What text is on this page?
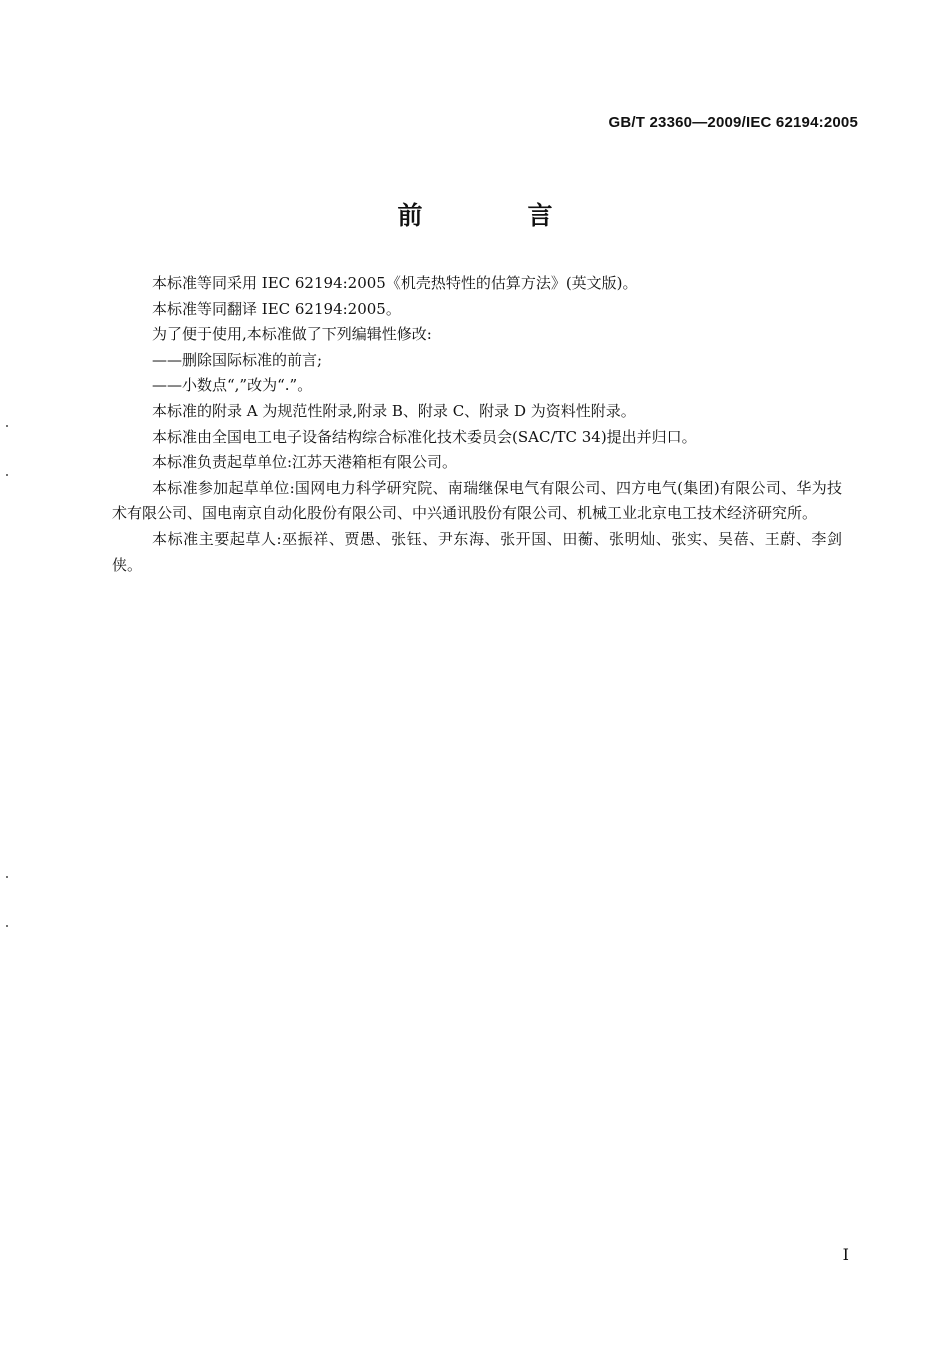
GB/T 23360—2009/IEC 62194:2005
前　言

本标准等同采用 IEC 62194:2005《机壳热特性的估算方法》(英文版)。

本标准等同翻译 IEC 62194:2005。

为了便于使用,本标准做了下列编辑性修改:

——删除国际标准的前言;

——小数点“,”改为“.”。

本标准的附录 A 为规范性附录,附录 B、附录 C、附录 D 为资料性附录。

本标准由全国电工电子设备结构综合标准化技术委员会(SAC/TC 34)提出并归口。

本标准负责起草单位:江苏天港箱柜有限公司。

本标准参加起草单位:国网电力科学研究院、南瑞继保电气有限公司、四方电气(集团)有限公司、华为技术有限公司、国电南京自动化股份有限公司、中兴通讯股份有限公司、机械工业北京电工技术经济研究所。

本标准主要起草人:巫振祥、贾愚、张钰、尹东海、张开国、田蘅、张明灿、张实、吴蓓、王蔚、李剑侠。

I
